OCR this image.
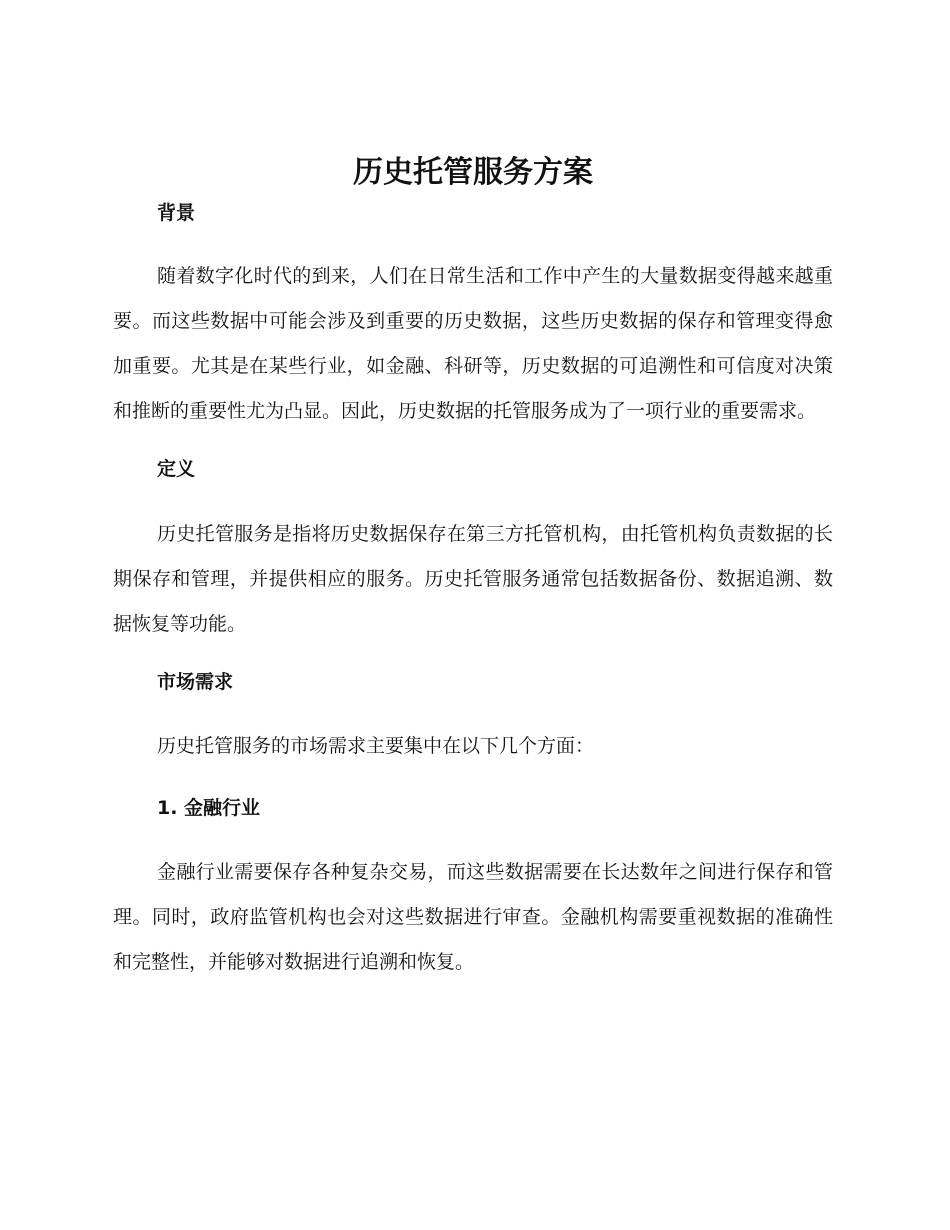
历史托管服务方案
背景

随着数字化时代的到来，人们在日常生活和工作中产生的大量数据变得越来越重要。而这些数据中可能会涉及到重要的历史数据，这些历史数据的保存和管理变得愈加重要。尤其是在某些行业，如金融、科研等，历史数据的可追溯性和可信度对决策和推断的重要性尤为凸显。因此，历史数据的托管服务成为了一项行业的重要需求。

定义

历史托管服务是指将历史数据保存在第三方托管机构，由托管机构负责数据的长期保存和管理，并提供相应的服务。历史托管服务通常包括数据备份、数据追溯、数据恢复等功能。

市场需求

历史托管服务的市场需求主要集中在以下几个方面：

1. 金融行业

金融行业需要保存各种复杂交易，而这些数据需要在长达数年之间进行保存和管理。同时，政府监管机构也会对这些数据进行审查。金融机构需要重视数据的准确性和完整性，并能够对数据进行追溯和恢复。
